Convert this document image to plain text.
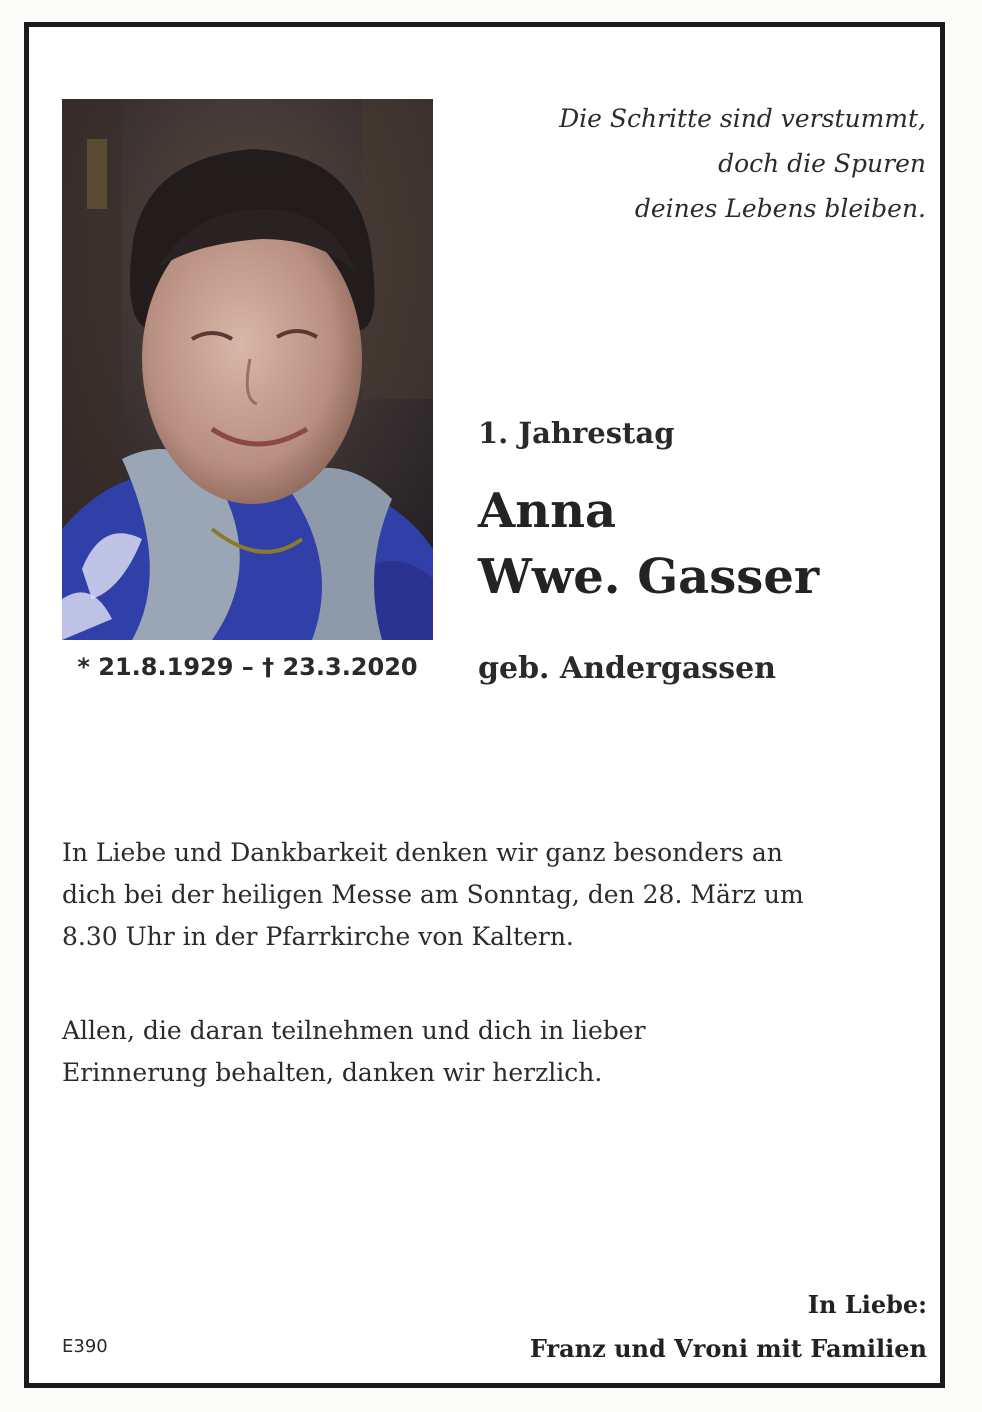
Die Schritte sind verstummt,
doch die Spuren
deines Lebens bleiben.
1. Jahrestag
Anna
Wwe. Gasser
geb. Andergassen
* 21.8.1929 – † 23.3.2020
In Liebe und Dankbarkeit denken wir ganz besonders an
dich bei der heiligen Messe am Sonntag, den 28. März um
8.30 Uhr in der Pfarrkirche von Kaltern.
Allen, die daran teilnehmen und dich in lieber
Erinnerung behalten, danken wir herzlich.
In Liebe:
Franz und Vroni mit Familien
E390
